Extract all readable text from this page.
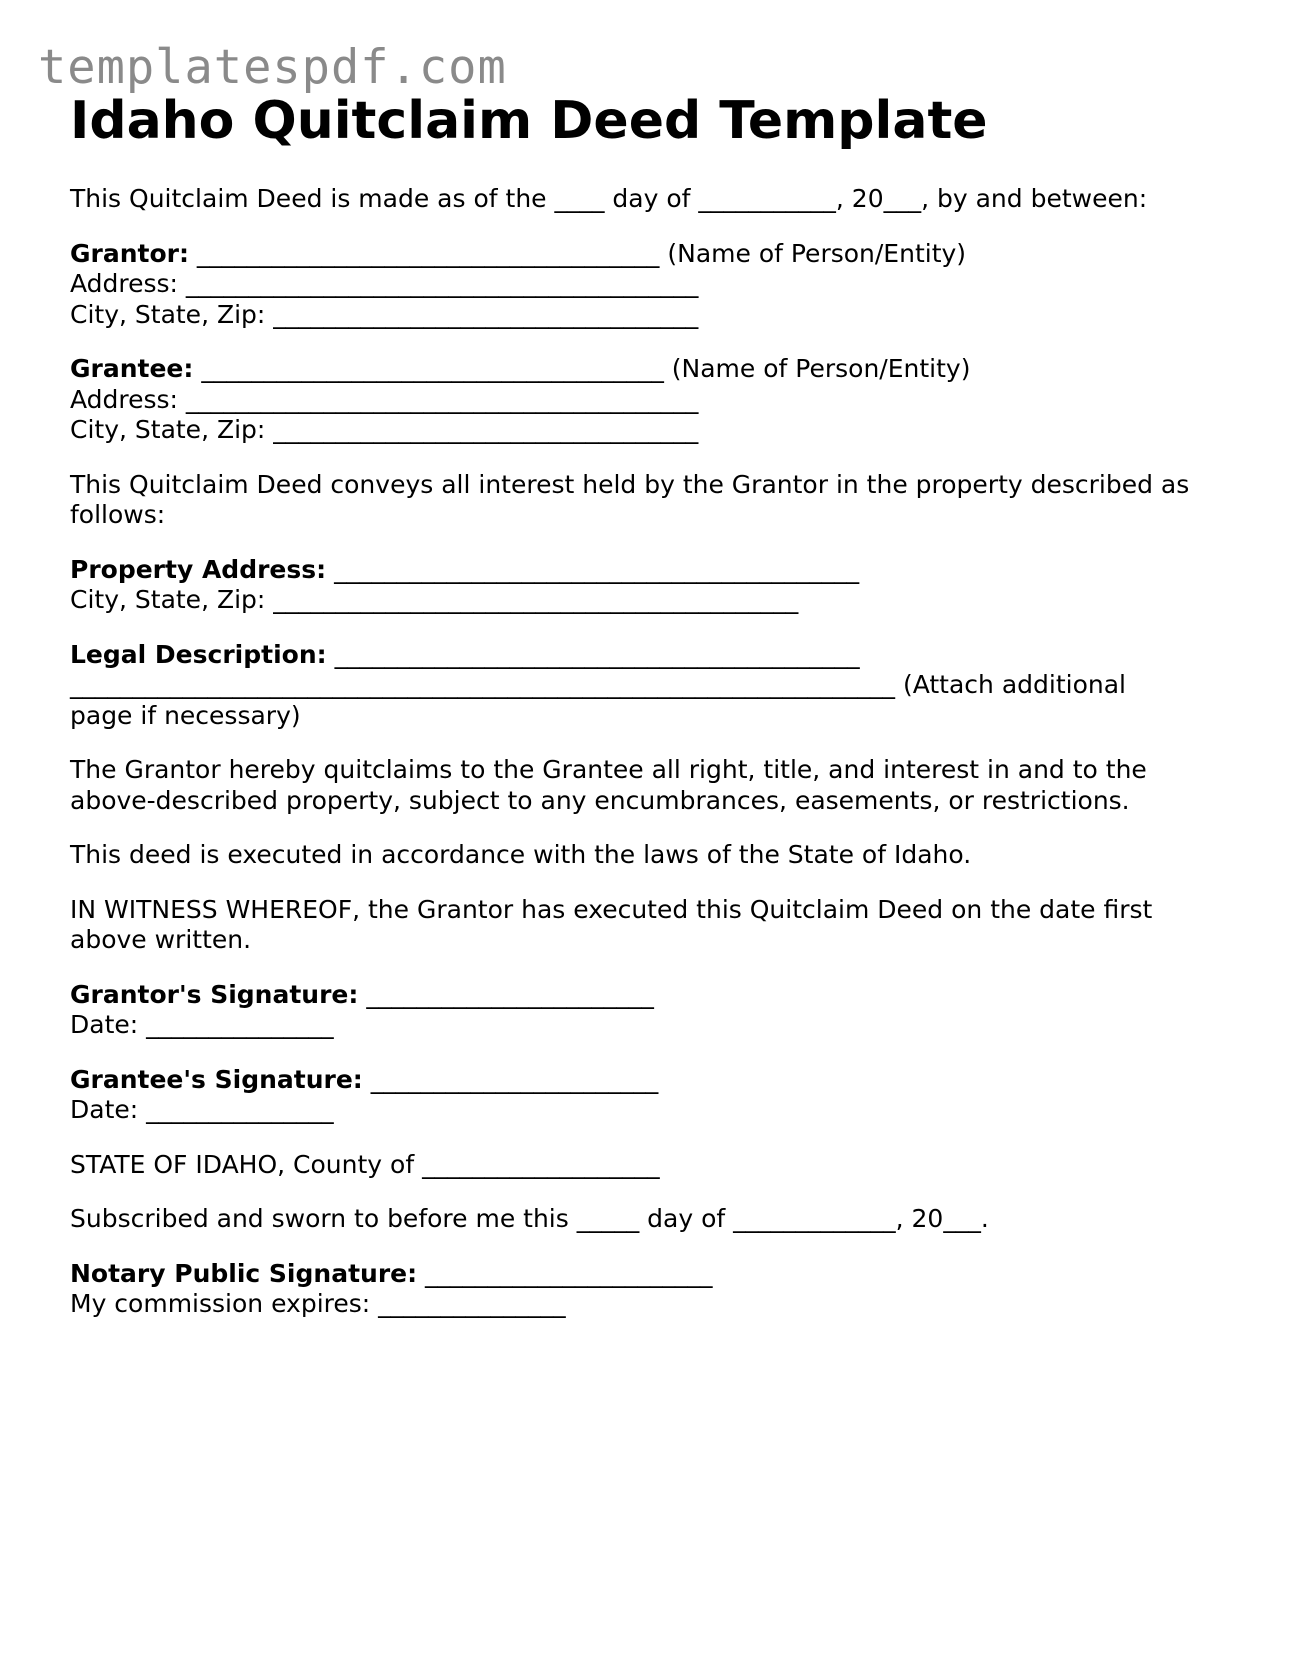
templatespdf.com
Idaho Quitclaim Deed Template
This Quitclaim Deed is made as of the ____ day of ___________, 20___, by and between:
Grantor: _____________________________________ (Name of Person/Entity)
Address: _________________________________________
City, State, Zip: __________________________________
Grantee: _____________________________________ (Name of Person/Entity)
Address: _________________________________________
City, State, Zip: __________________________________
This Quitclaim Deed conveys all interest held by the Grantor in the property described as follows:
Property Address: __________________________________________
City, State, Zip: __________________________________________
Legal Description: __________________________________________
__________________________________________________________________ (Attach additional
page if necessary)
The Grantor hereby quitclaims to the Grantee all right, title, and interest in and to the above-described property, subject to any encumbrances, easements, or restrictions.
This deed is executed in accordance with the laws of the State of Idaho.
IN WITNESS WHEREOF, the Grantor has executed this Quitclaim Deed on the date first above written.
Grantor's Signature: _______________________
Date: _______________
Grantee's Signature: _______________________
Date: _______________
STATE OF IDAHO, County of ___________________
Subscribed and sworn to before me this _____ day of _____________, 20___.
Notary Public Signature: _______________________
My commission expires: _______________
